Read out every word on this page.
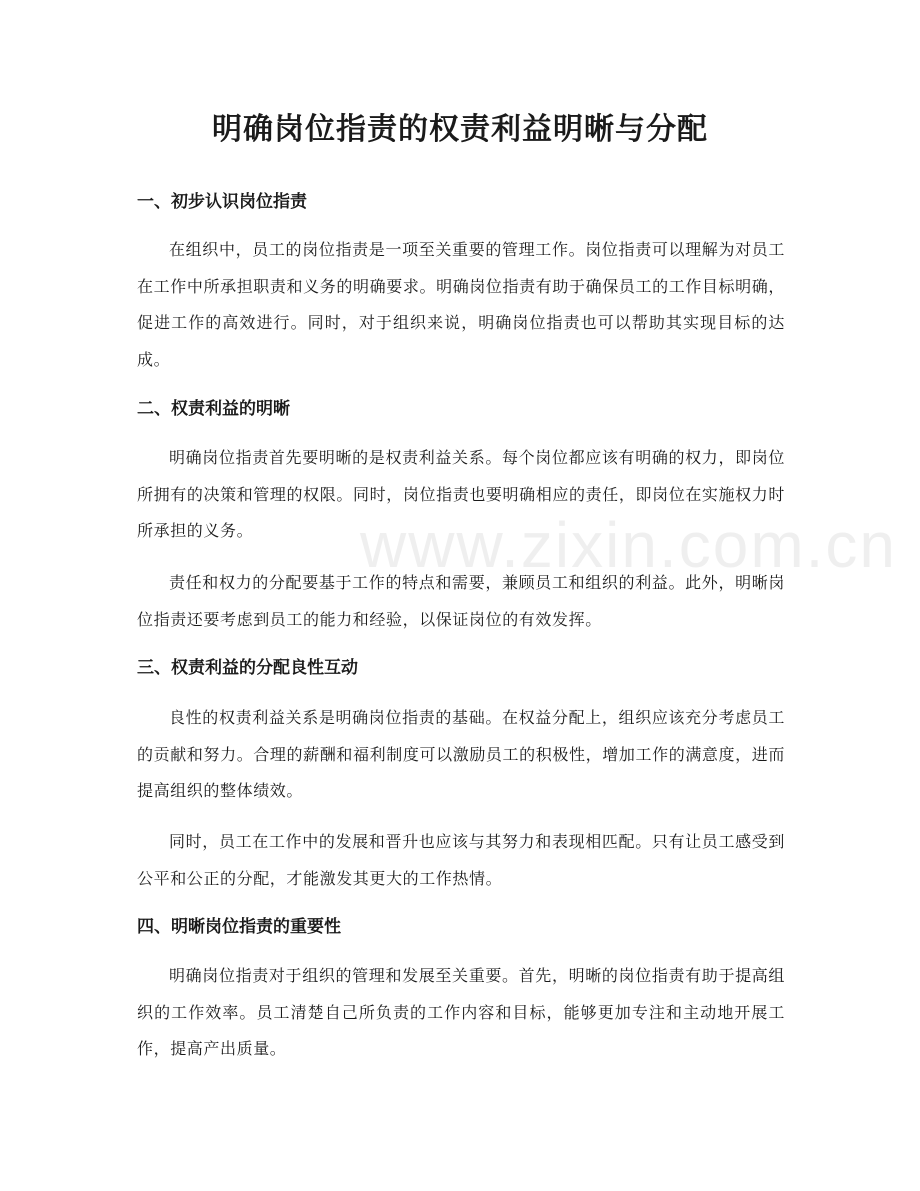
www.zixin.com.cn
明确岗位指责的权责利益明晰与分配
一、初步认识岗位指责

在组织中，员工的岗位指责是一项至关重要的管理工作。岗位指责可以理解为对员工在工作中所承担职责和义务的明确要求。明确岗位指责有助于确保员工的工作目标明确，促进工作的高效进行。同时，对于组织来说，明确岗位指责也可以帮助其实现目标的达成。

二、权责利益的明晰

明确岗位指责首先要明晰的是权责利益关系。每个岗位都应该有明确的权力，即岗位所拥有的决策和管理的权限。同时，岗位指责也要明确相应的责任，即岗位在实施权力时所承担的义务。

责任和权力的分配要基于工作的特点和需要，兼顾员工和组织的利益。此外，明晰岗位指责还要考虑到员工的能力和经验，以保证岗位的有效发挥。

三、权责利益的分配良性互动

良性的权责利益关系是明确岗位指责的基础。在权益分配上，组织应该充分考虑员工的贡献和努力。合理的薪酬和福利制度可以激励员工的积极性，增加工作的满意度，进而提高组织的整体绩效。

同时，员工在工作中的发展和晋升也应该与其努力和表现相匹配。只有让员工感受到公平和公正的分配，才能激发其更大的工作热情。

四、明晰岗位指责的重要性

明确岗位指责对于组织的管理和发展至关重要。首先，明晰的岗位指责有助于提高组织的工作效率。员工清楚自己所负责的工作内容和目标，能够更加专注和主动地开展工作，提高产出质量。
